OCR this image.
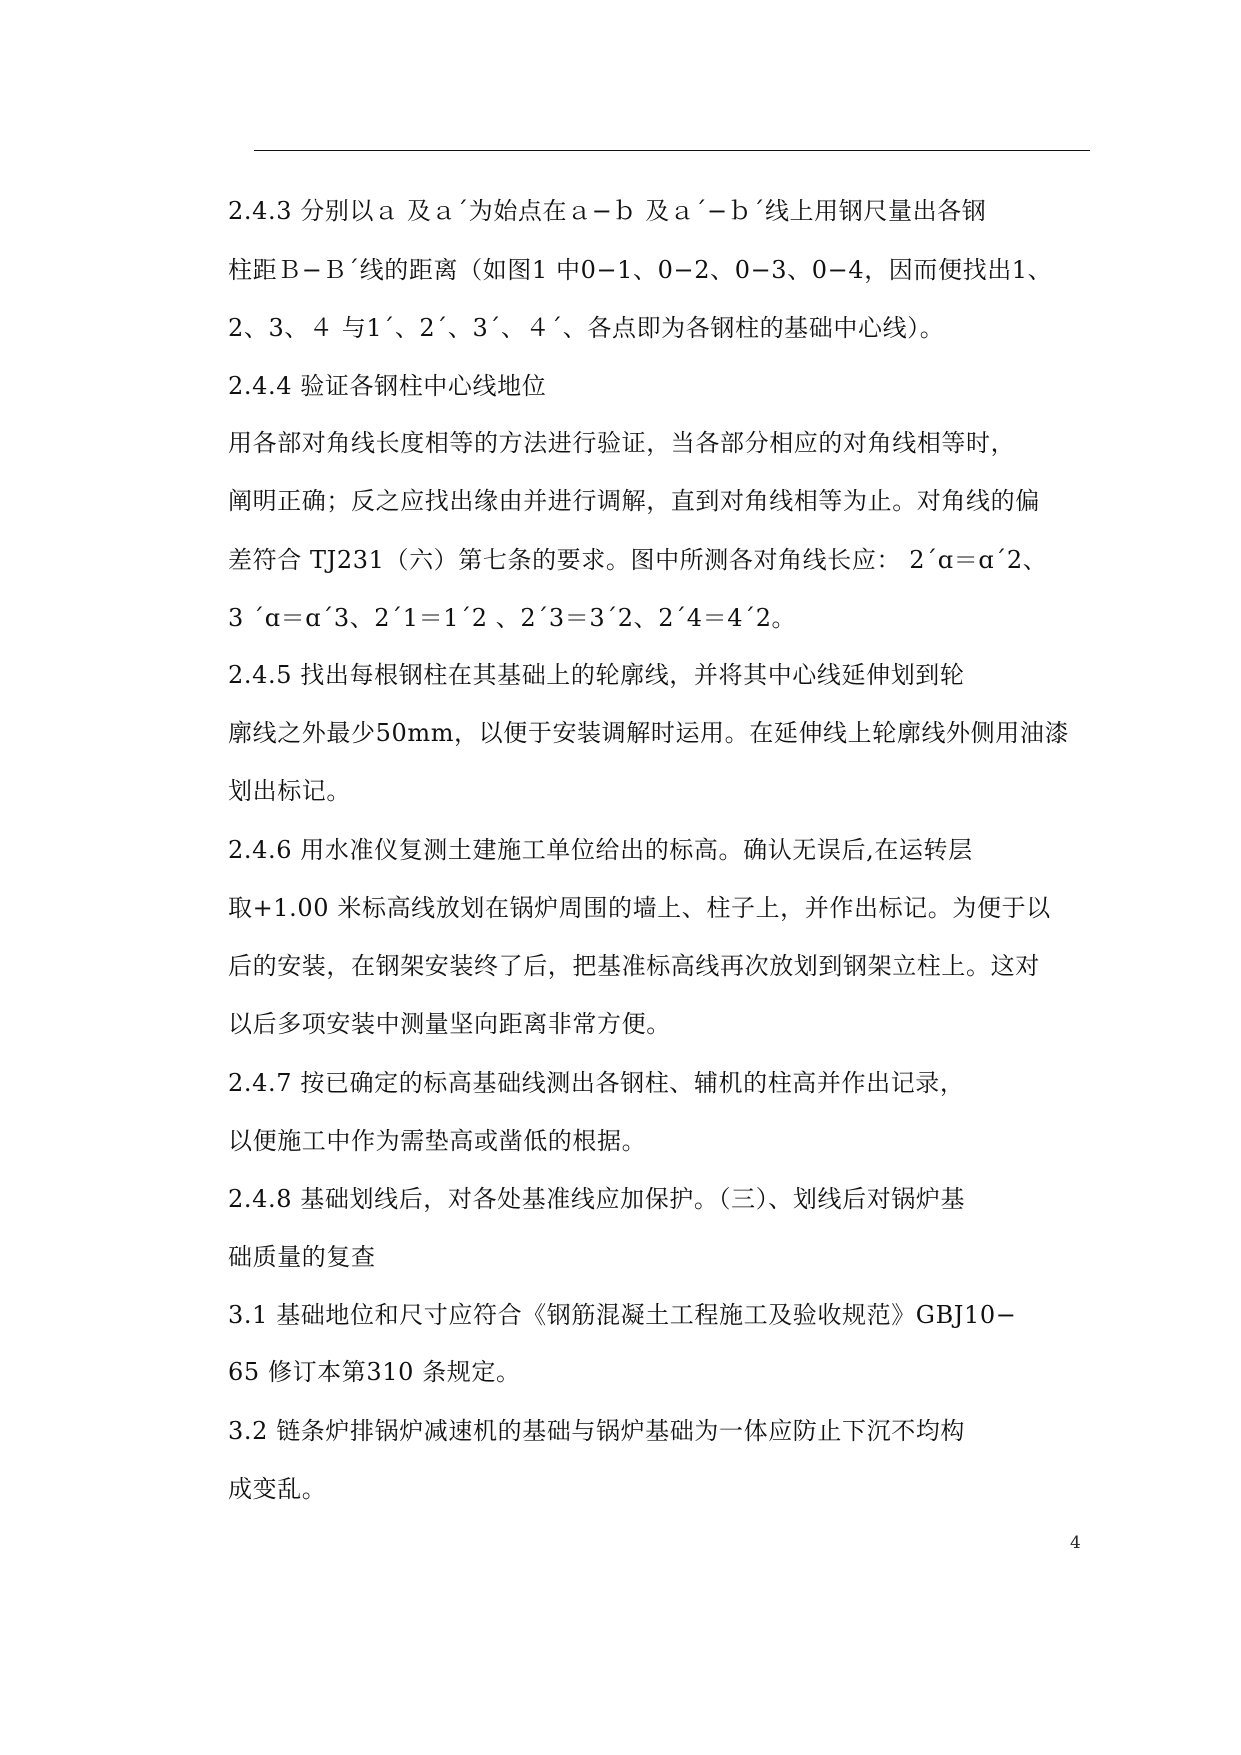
2.4.3 分别以ａ 及ａ´为始点在ａ−ｂ 及ａ´−ｂ´线上用钢尺量出各钢
柱距Ｂ−Ｂ´线的距离（如图1 中0−1、0−2、0−3、0−4，因而便找出1、
2、3、４ 与1´、2´、3´、４´、各点即为各钢柱的基础中心线）。
2.4.4 验证各钢柱中心线地位
用各部对角线长度相等的方法进行验证，当各部分相应的对角线相等时，
阐明正确；反之应找出缘由并进行调解，直到对角线相等为止。对角线的偏
差符合 TJ231（六）第七条的要求。图中所测各对角线长应： 2´ɑ＝ɑ´2、
3 ´ɑ＝ɑ´3、2´1＝1´2 、2´3＝3´2、2´4＝4´2。
2.4.5 找出每根钢柱在其基础上的轮廓线，并将其中心线延伸划到轮
廓线之外最少50mm，以便于安装调解时运用。在延伸线上轮廓线外侧用油漆
划出标记。
2.4.6 用水准仪复测土建施工单位给出的标高。确认无误后,在运转层
取+1.00 米标高线放划在锅炉周围的墙上、柱子上，并作出标记。为便于以
后的安装，在钢架安装终了后，把基准标高线再次放划到钢架立柱上。这对
以后多项安装中测量坚向距离非常方便。
2.4.7 按已确定的标高基础线测出各钢柱、辅机的柱高并作出记录，
以便施工中作为需垫高或凿低的根据。
2.4.8 基础划线后，对各处基准线应加保护。（三）、划线后对锅炉基
础质量的复查
3.1 基础地位和尺寸应符合《钢筋混凝土工程施工及验收规范》GBJ10−
65 修订本第310 条规定。
3.2 链条炉排锅炉减速机的基础与锅炉基础为一体应防止下沉不均构
成变乱。
4
